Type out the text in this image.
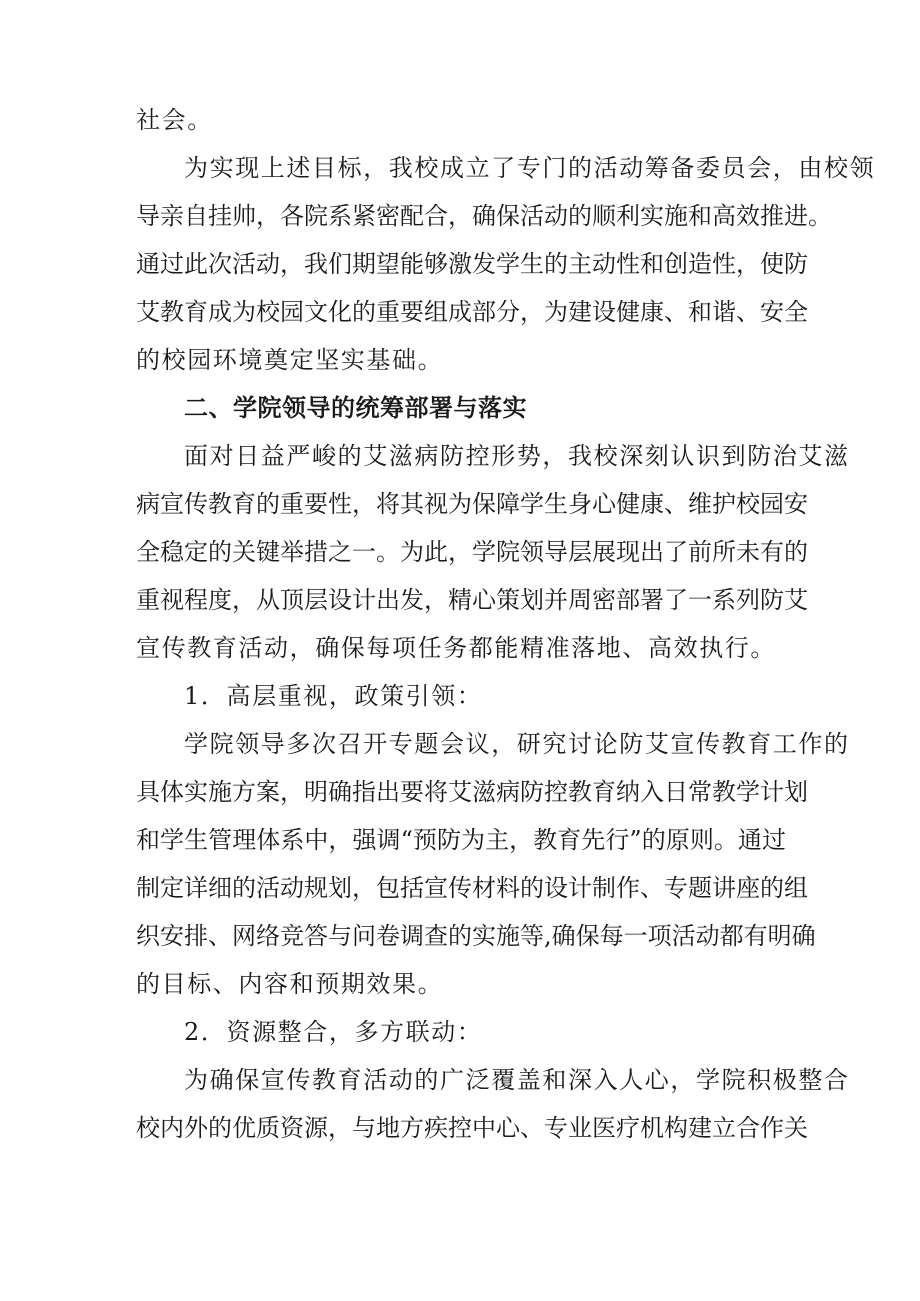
社会。
为实现上述目标，我校成立了专门的活动筹备委员会，由校领
导亲自挂帅，各院系紧密配合，确保活动的顺利实施和高效推进。
通过此次活动，我们期望能够激发学生的主动性和创造性，使防
艾教育成为校园文化的重要组成部分，为建设健康、和谐、安全
的校园环境奠定坚实基础。
二、学院领导的统筹部署与落实
面对日益严峻的艾滋病防控形势，我校深刻认识到防治艾滋
病宣传教育的重要性，将其视为保障学生身心健康、维护校园安
全稳定的关键举措之一。为此，学院领导层展现出了前所未有的
重视程度，从顶层设计出发，精心策划并周密部署了一系列防艾
宣传教育活动，确保每项任务都能精准落地、高效执行。
1．高层重视，政策引领：
学院领导多次召开专题会议，研究讨论防艾宣传教育工作的
具体实施方案，明确指出要将艾滋病防控教育纳入日常教学计划
和学生管理体系中，强调“预防为主，教育先行”的原则。通过
制定详细的活动规划，包括宣传材料的设计制作、专题讲座的组
织安排、网络竞答与问卷调查的实施等,确保每一项活动都有明确
的目标、内容和预期效果。
2．资源整合，多方联动：
为确保宣传教育活动的广泛覆盖和深入人心，学院积极整合
校内外的优质资源，与地方疾控中心、专业医疗机构建立合作关
